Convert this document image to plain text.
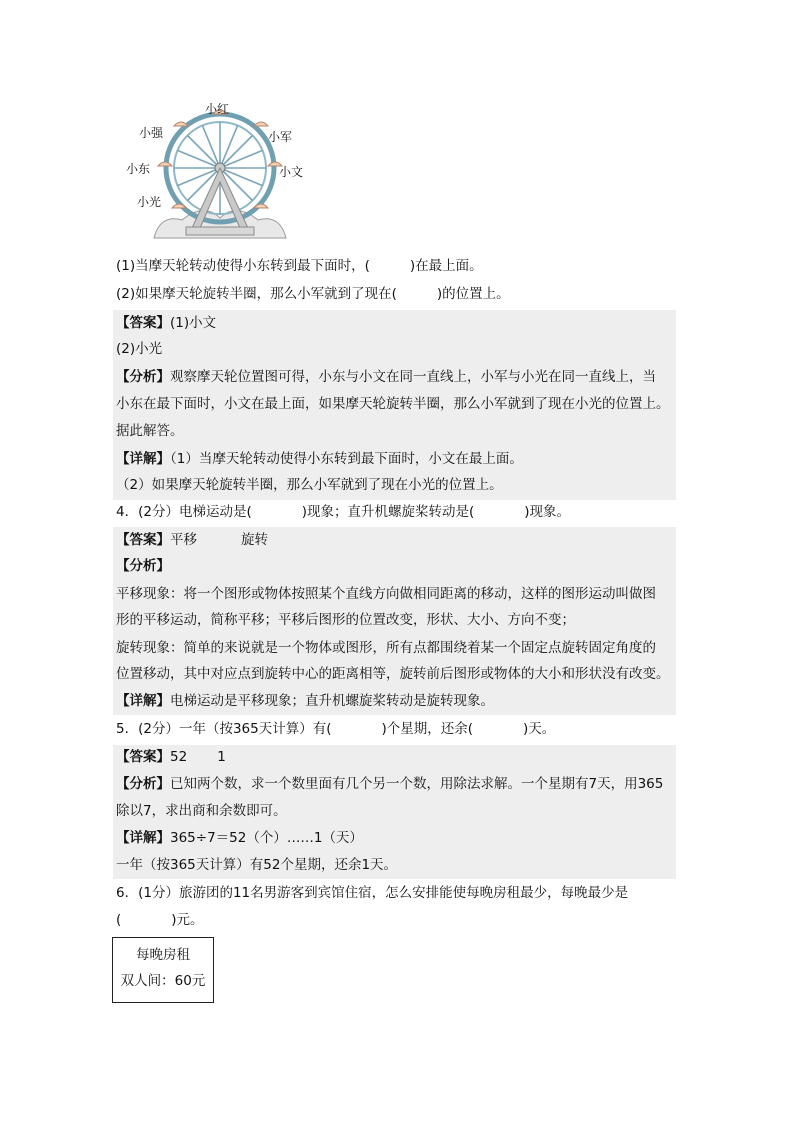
小红
小强	小军
小东	小文
小光
(1)当摩天轮转动使得小东转到最下面时，(	)在最上面。
(2)如果摩天轮旋转半圈，那么小军就到了现在(	)的位置上。
【答案】(1)小文
(2)小光
【分析】观察摩天轮位置图可得，小东与小文在同一直线上，小军与小光在同一直线上，当
小东在最下面时，小文在最上面，如果摩天轮旋转半圈，那么小军就到了现在小光的位置上。
据此解答。
【详解】（1）当摩天轮转动使得小东转到最下面时，小文在最上面。
（2）如果摩天轮旋转半圈，那么小军就到了现在小光的位置上。
4．(2分）电梯运动是(	)现象；直升机螺旋桨转动是(	)现象。
【答案】平移	旋转
【分析】
平移现象：将一个图形或物体按照某个直线方向做相同距离的移动，这样的图形运动叫做图
形的平移运动，简称平移；平移后图形的位置改变，形状、大小、方向不变；
旋转现象：简单的来说就是一个物体或图形，所有点都围绕着某一个固定点旋转固定角度的
位置移动，其中对应点到旋转中心的距离相等，旋转前后图形或物体的大小和形状没有改变。
【详解】电梯运动是平移现象；直升机螺旋桨转动是旋转现象。
5．(2分）一年（按365天计算）有(	)个星期，还余(	)天。
【答案】52 1
【分析】已知两个数，求一个数里面有几个另一个数，用除法求解。一个星期有7天，用365
除以7，求出商和余数即可。
【详解】365÷7＝52（个）……1（天）
一年（按365天计算）有52个星期，还余1天。
6．(1分）旅游团的11名男游客到宾馆住宿，怎么安排能使每晚房租最少，每晚最少是
(	)元。
每晚房租
双人间：60元
